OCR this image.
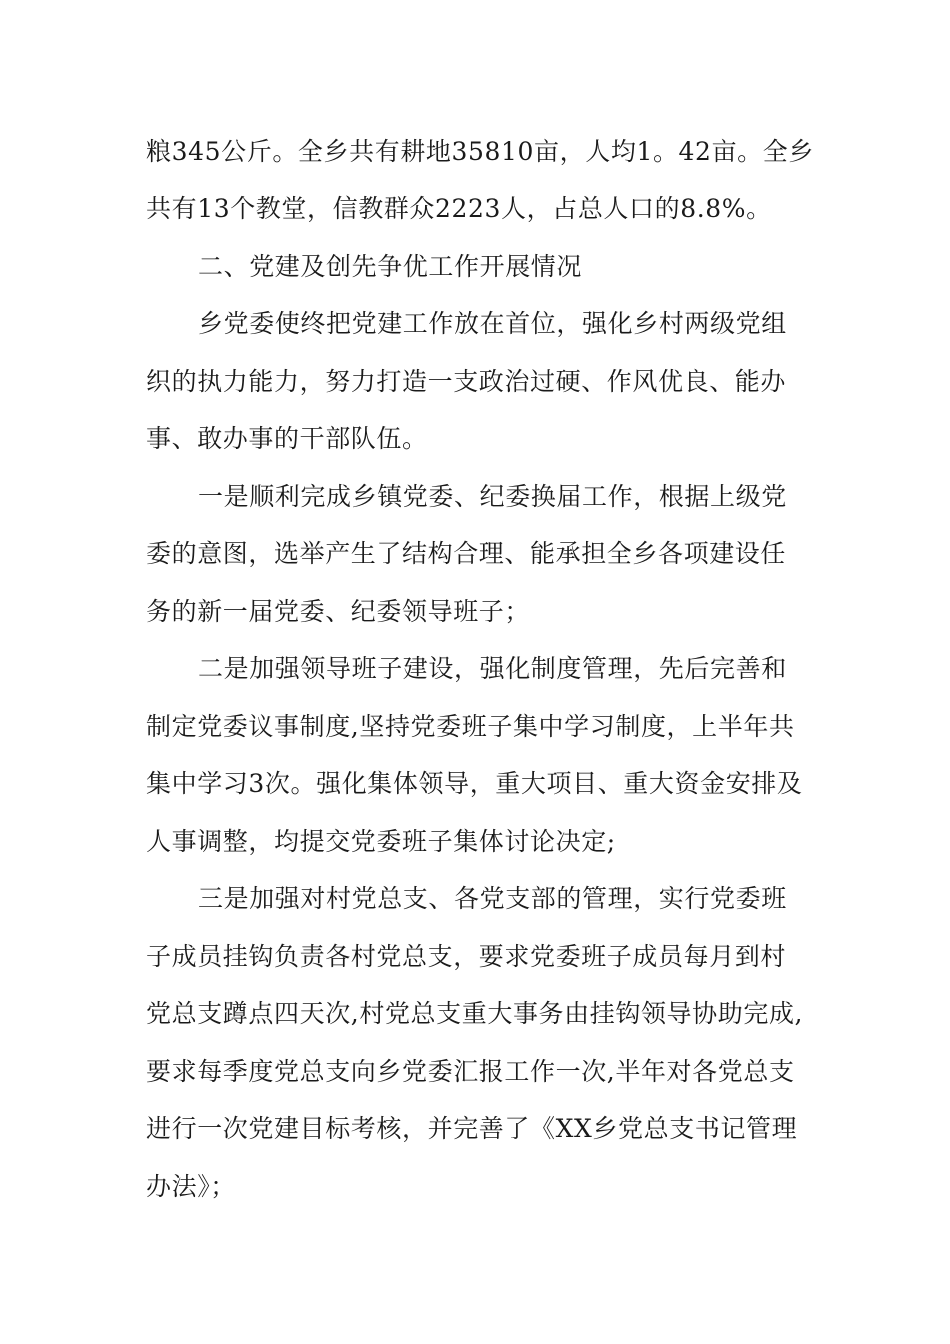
粮345公斤。全乡共有耕地35810亩，人均1。42亩。全乡
共有13个教堂，信教群众2223人，占总人口的8.8%。
二、党建及创先争优工作开展情况
乡党委使终把党建工作放在首位，强化乡村两级党组
织的执力能力，努力打造一支政治过硬、作风优良、能办
事、敢办事的干部队伍。
一是顺利完成乡镇党委、纪委换届工作，根据上级党
委的意图，选举产生了结构合理、能承担全乡各项建设任
务的新一届党委、纪委领导班子；
二是加强领导班子建设，强化制度管理，先后完善和
制定党委议事制度,坚持党委班子集中学习制度，上半年共
集中学习3次。强化集体领导，重大项目、重大资金安排及
人事调整，均提交党委班子集体讨论决定;
三是加强对村党总支、各党支部的管理，实行党委班
子成员挂钩负责各村党总支，要求党委班子成员每月到村
党总支蹲点四天次,村党总支重大事务由挂钩领导协助完成,
要求每季度党总支向乡党委汇报工作一次,半年对各党总支
进行一次党建目标考核，并完善了《XX乡党总支书记管理
办法》；
